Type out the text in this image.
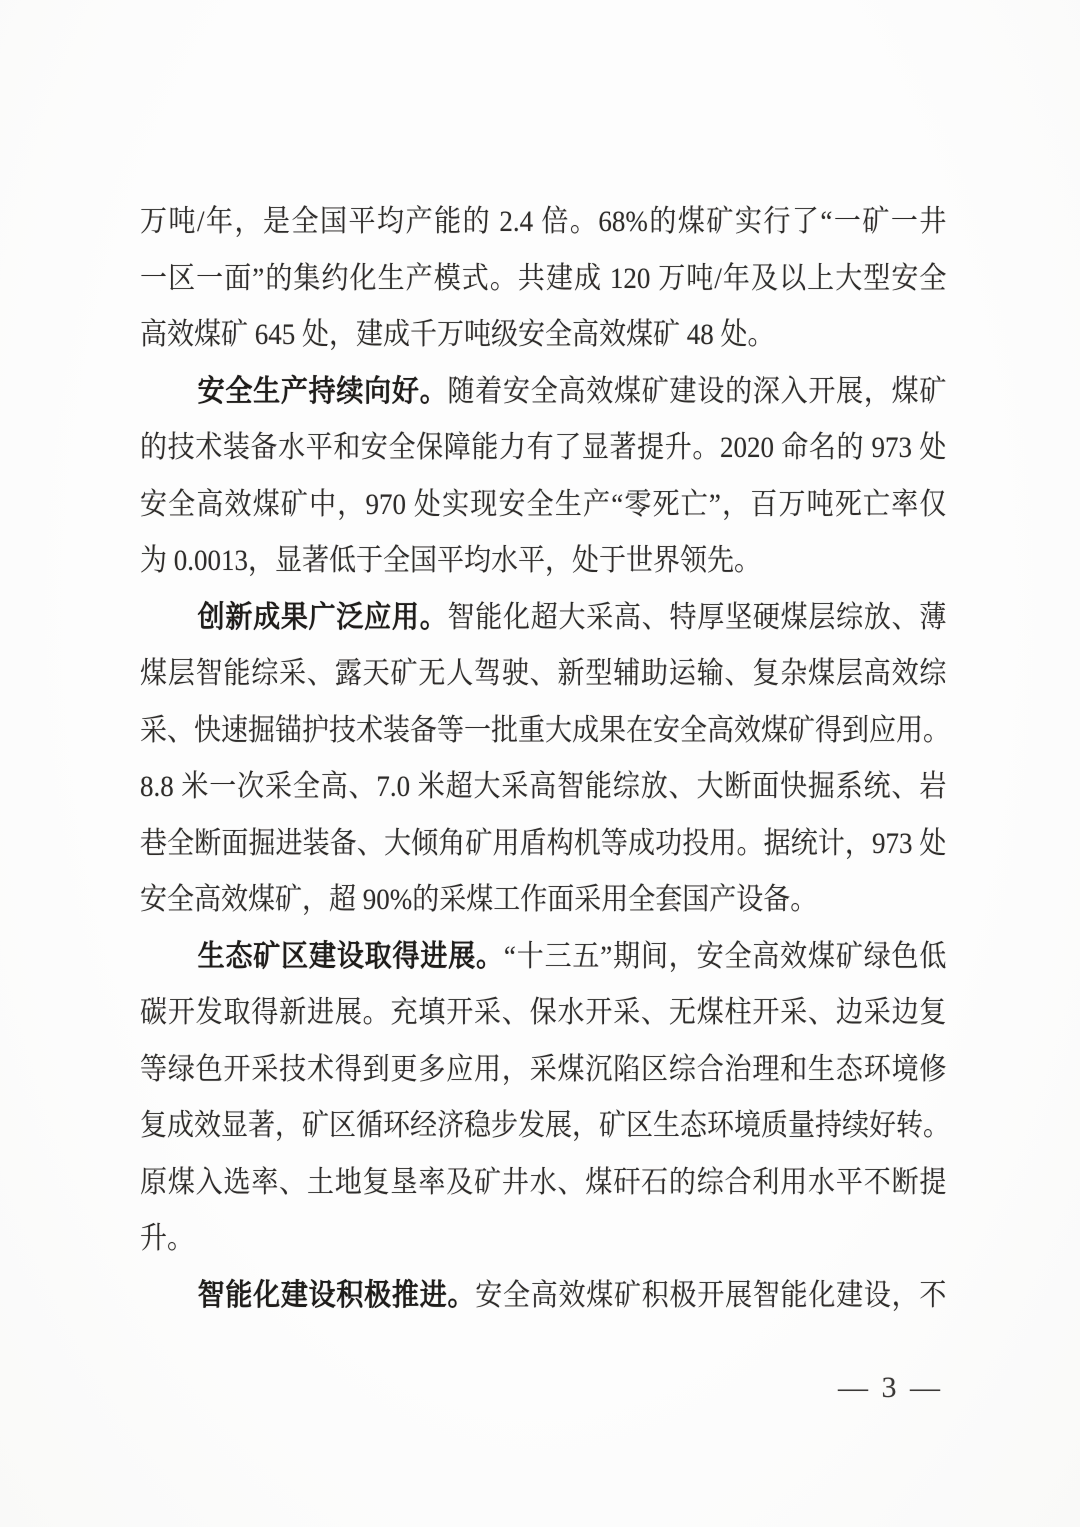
万吨/年，是全国平均产能的 2.4 倍。68%的煤矿实行了“一矿一井
一区一面”的集约化生产模式。共建成 120 万吨/年及以上大型安全
高效煤矿 645 处，建成千万吨级安全高效煤矿 48 处。
安全生产持续向好。随着安全高效煤矿建设的深入开展，煤矿
的技术装备水平和安全保障能力有了显著提升。2020 命名的 973 处
安全高效煤矿中，970 处实现安全生产“零死亡”，百万吨死亡率仅
为 0.0013，显著低于全国平均水平，处于世界领先。
创新成果广泛应用。智能化超大采高、特厚坚硬煤层综放、薄
煤层智能综采、露天矿无人驾驶、新型辅助运输、复杂煤层高效综
采、快速掘锚护技术装备等一批重大成果在安全高效煤矿得到应用。
8.8 米一次采全高、7.0 米超大采高智能综放、大断面快掘系统、岩
巷全断面掘进装备、大倾角矿用盾构机等成功投用。据统计，973 处
安全高效煤矿，超 90%的采煤工作面采用全套国产设备。
生态矿区建设取得进展。“十三五”期间，安全高效煤矿绿色低
碳开发取得新进展。充填开采、保水开采、无煤柱开采、边采边复
等绿色开采技术得到更多应用，采煤沉陷区综合治理和生态环境修
复成效显著，矿区循环经济稳步发展，矿区生态环境质量持续好转。
原煤入选率、土地复垦率及矿井水、煤矸石的综合利用水平不断提
升。
智能化建设积极推进。安全高效煤矿积极开展智能化建设，不
— 3 —
